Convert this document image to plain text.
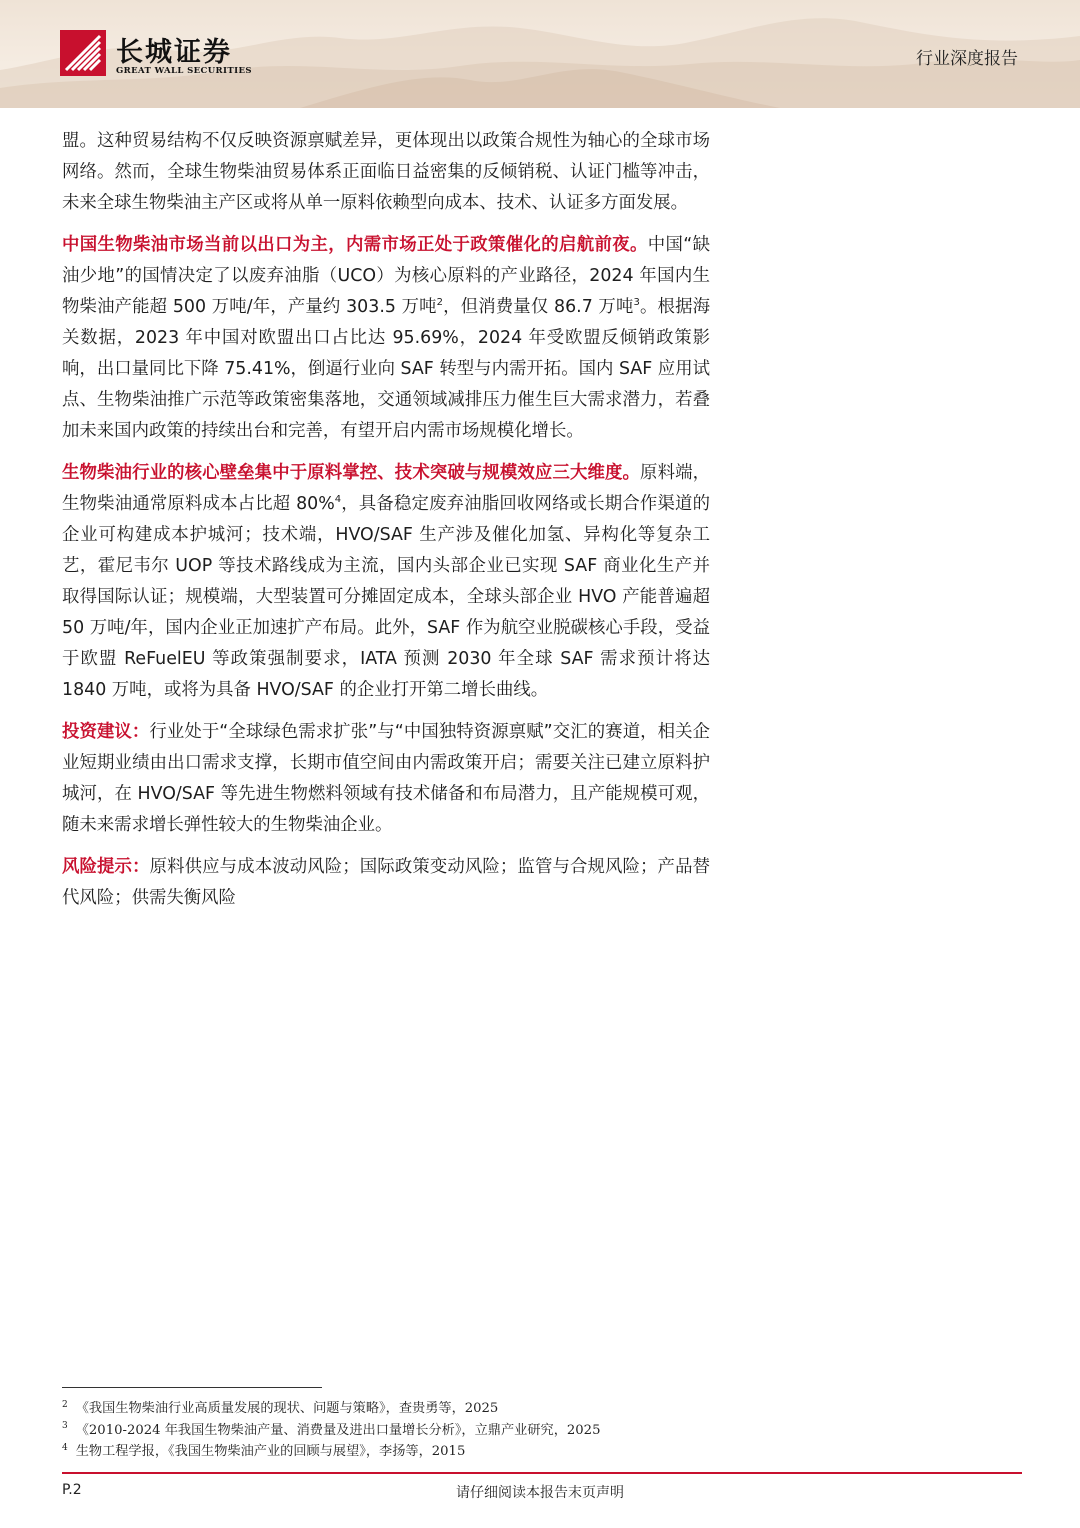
长城证券
GREAT WALL SECURITIES
行业深度报告

盟。这种贸易结构不仅反映资源禀赋差异，更体现出以政策合规性为轴心的全球市场网络。然而，全球生物柴油贸易体系正面临日益密集的反倾销税、认证门槛等冲击，未来全球生物柴油主产区或将从单一原料依赖型向成本、技术、认证多方面发展。

中国生物柴油市场当前以出口为主，内需市场正处于政策催化的启航前夜。中国“缺油少地”的国情决定了以废弃油脂（UCO）为核心原料的产业路径，2024 年国内生物柴油产能超 500 万吨/年，产量约 303.5 万吨$^2$，但消费量仅 86.7 万吨$^3$。根据海关数据，2023 年中国对欧盟出口占比达 95.69%，2024 年受欧盟反倾销政策影响，出口量同比下降 75.41%，倒逼行业向 SAF 转型与内需开拓。国内 SAF 应用试点、生物柴油推广示范等政策密集落地，交通领域减排压力催生巨大需求潜力，若叠加未来国内政策的持续出台和完善，有望开启内需市场规模化增长。

生物柴油行业的核心壁垒集中于原料掌控、技术突破与规模效应三大维度。原料端，生物柴油通常原料成本占比超 80%$^4$，具备稳定废弃油脂回收网络或长期合作渠道的企业可构建成本护城河；技术端，HVO/SAF 生产涉及催化加氢、异构化等复杂工艺，霍尼韦尔 UOP 等技术路线成为主流，国内头部企业已实现 SAF 商业化生产并取得国际认证；规模端，大型装置可分摊固定成本，全球头部企业 HVO 产能普遍超 50 万吨/年，国内企业正加速扩产布局。此外，SAF 作为航空业脱碳核心手段，受益于欧盟 ReFuelEU 等政策强制要求，IATA 预测 2030 年全球 SAF 需求预计将达 1840 万吨，或将为具备 HVO/SAF 的企业打开第二增长曲线。

投资建议：行业处于“全球绿色需求扩张”与“中国独特资源禀赋”交汇的赛道，相关企业短期业绩由出口需求支撑，长期市值空间由内需政策开启；需要关注已建立原料护城河，在 HVO/SAF 等先进生物燃料领域有技术储备和布局潜力，且产能规模可观，随未来需求增长弹性较大的生物柴油企业。

风险提示：原料供应与成本波动风险；国际政策变动风险；监管与合规风险；产品替代风险；供需失衡风险

$^2$ 《我国生物柴油行业高质量发展的现状、问题与策略》，查贵勇等，2025
$^3$ 《2010-2024 年我国生物柴油产量、消费量及进出口量增长分析》，立鼎产业研究，2025
$^4$ 生物工程学报，《我国生物柴油产业的回顾与展望》，李扬等，2015
请仔细阅读本报告末页声明
P.2
